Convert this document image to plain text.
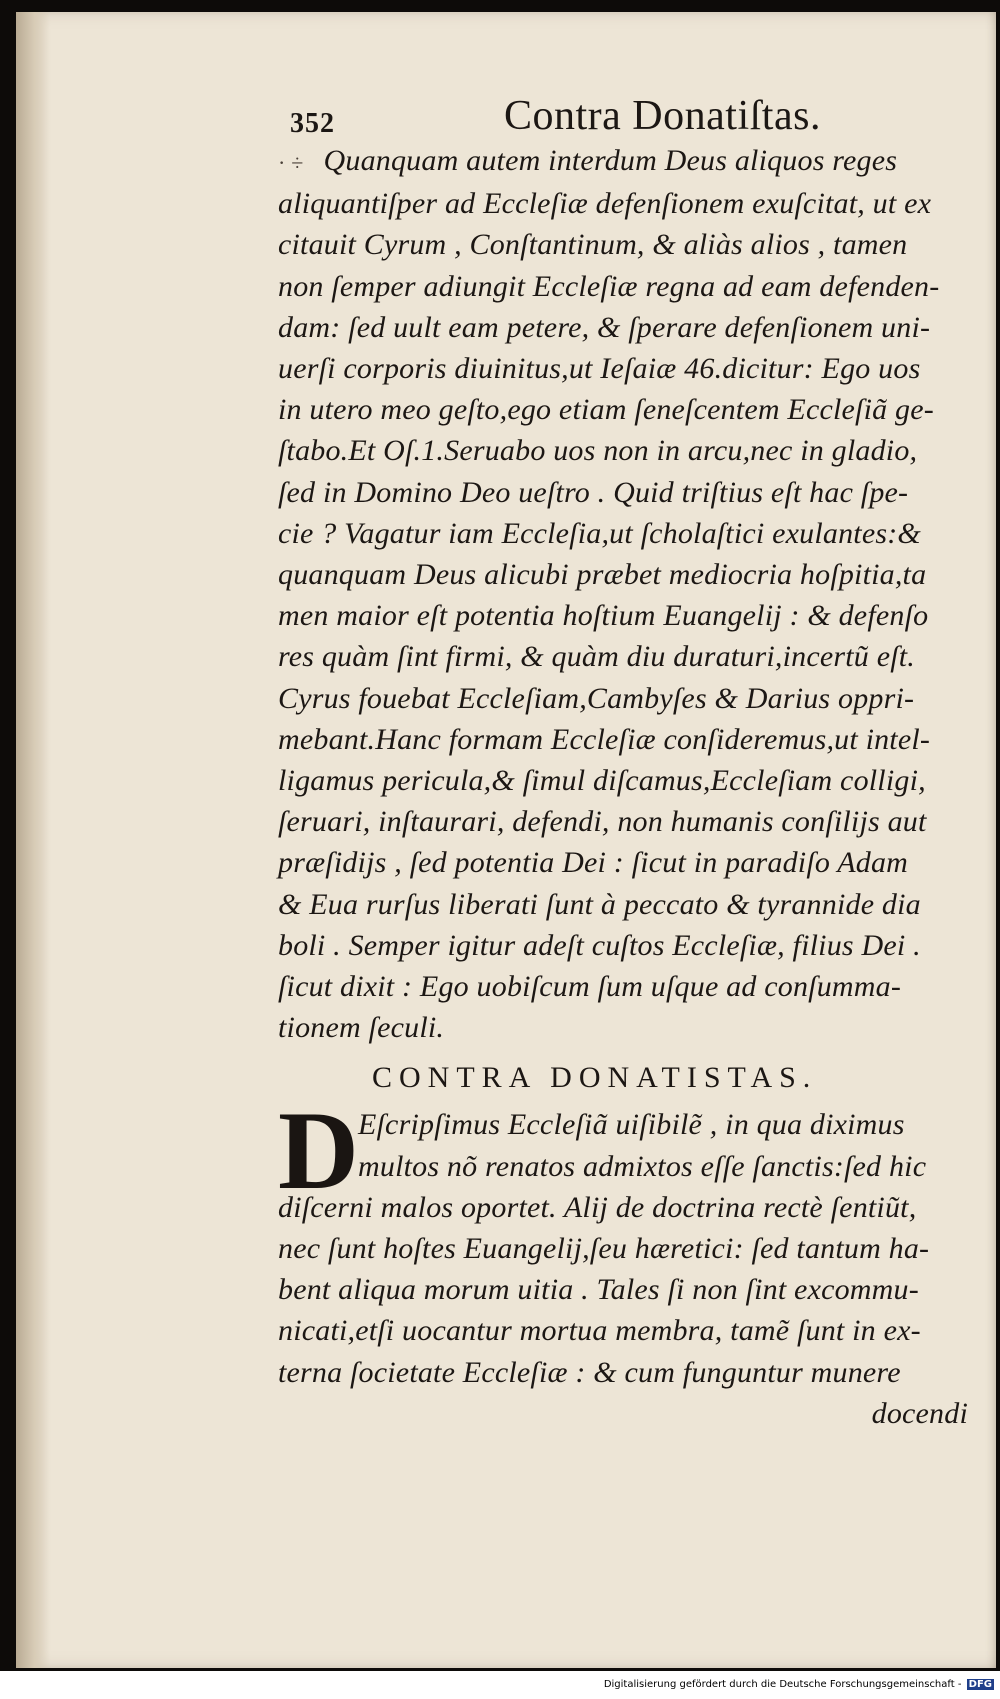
352	Contra Donatiſtas.
· ÷ Quanquam autem interdum Deus aliquos reges
aliquantiſper ad Eccleſiæ defenſionem exuſcitat, ut ex
citauit Cyrum , Conſtantinum, & aliàs alios , tamen
non ſemper adiungit Eccleſiæ regna ad eam defenden-
dam: ſed uult eam petere, & ſperare defenſionem uni-
uerſi corporis diuinitus,ut Ieſaiæ 46.dicitur: Ego uos
in utero meo geſto,ego etiam ſeneſcentem Eccleſiã ge-
ſtabo.Et Oſ.1.Seruabo uos non in arcu,nec in gladio,
ſed in Domino Deo ueſtro . Quid triſtius eſt hac ſpe-
cie ? Vagatur iam Eccleſia,ut ſcholaſtici exulantes:&
quanquam Deus alicubi præbet mediocria hoſpitia,ta
men maior eſt potentia hoſtium Euangelij : & defenſo
res quàm ſint firmi, & quàm diu duraturi,incertũ eſt.
Cyrus fouebat Eccleſiam,Cambyſes & Darius oppri-
mebant.Hanc formam Eccleſiæ conſideremus,ut intel-
ligamus pericula,& ſimul diſcamus,Eccleſiam colligi,
ſeruari, inſtaurari, defendi, non humanis conſilijs aut
præſidijs , ſed potentia Dei : ſicut in paradiſo Adam
& Eua rurſus liberati ſunt à peccato & tyrannide dia
boli . Semper igitur adeſt cuſtos Eccleſiæ, filius Dei .
ſicut dixit : Ego uobiſcum ſum uſque ad conſumma-
tionem ſeculi.
CONTRA DONATISTAS.
D Eſcripſimus Eccleſiã uiſibilẽ , in qua diximus
multos nõ renatos admixtos eſſe ſanctis:ſed hic
diſcerni malos oportet. Alij de doctrina rectè ſentiũt,
nec ſunt hoſtes Euangelij,ſeu hæretici: ſed tantum ha-
bent aliqua morum uitia . Tales ſi non ſint excommu-
nicati,etſi uocantur mortua membra, tamẽ ſunt in ex-
terna ſocietate Eccleſiæ : & cum funguntur munere
docendi
Digitalisierung gefördert durch die Deutsche Forschungsgemeinschaft - DFG
